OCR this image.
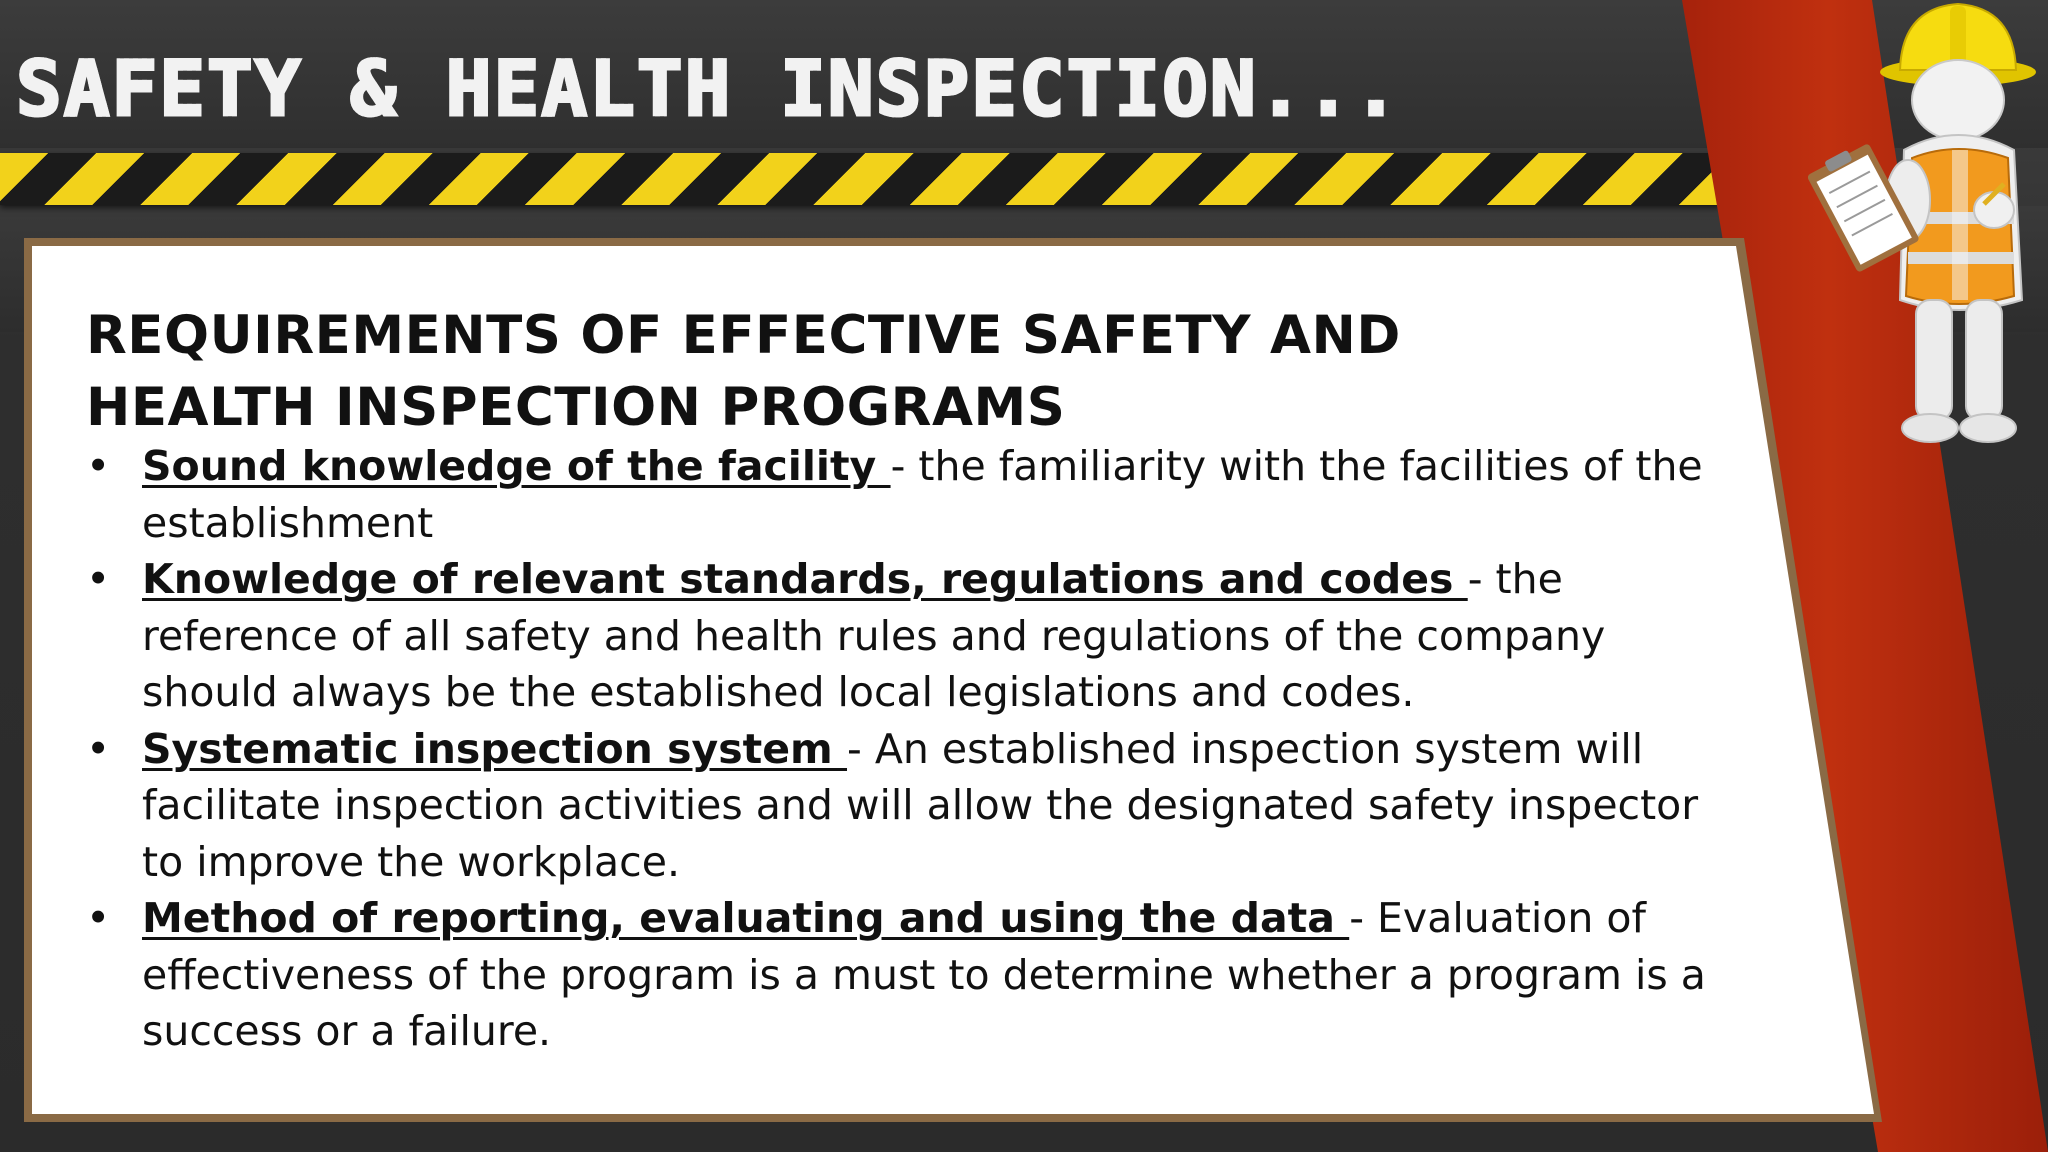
SAFETY & HEALTH INSPECTION...
REQUIREMENTS OF EFFECTIVE SAFETY AND HEALTH INSPECTION PROGRAMS
• Sound knowledge of the facility - the familiarity with the facilities of the establishment
• Knowledge of relevant standards, regulations and codes - the reference of all safety and health rules and regulations of the company should always be the established local legislations and codes.
• Systematic inspection system - An established inspection system will facilitate inspection activities and will allow the designated safety inspector to improve the workplace.
• Method of reporting, evaluating and using the data - Evaluation of effectiveness of the program is a must to determine whether a program is a success or a failure.
